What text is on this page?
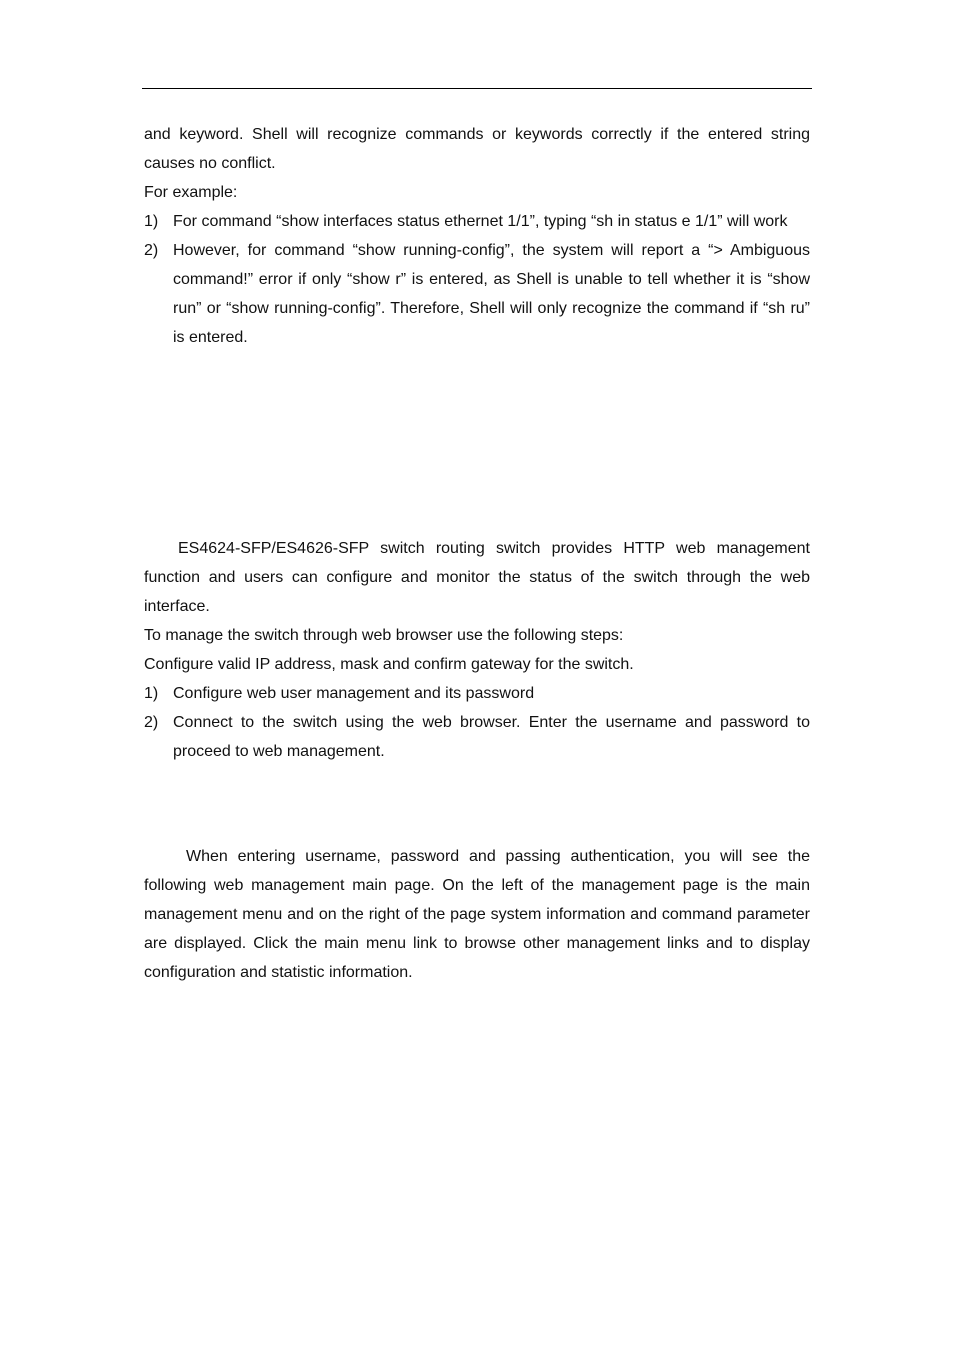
and keyword. Shell will recognize commands or keywords correctly if the entered string causes no conflict.

For example:

1) For command “show interfaces status ethernet 1/1”, typing “sh in status e 1/1” will work
2) However, for command “show running-config”, the system will report a “> Ambiguous command!” error if only “show r” is entered, as Shell is unable to tell whether it is “show run” or “show running-config”. Therefore, Shell will only recognize the command if “sh ru” is entered.

ES4624-SFP/ES4626-SFP switch routing switch provides HTTP web management function and users can configure and monitor the status of the switch through the web interface.

To manage the switch through web browser use the following steps:

Configure valid IP address, mask and confirm gateway for the switch.

1) Configure web user management and its password
2) Connect to the switch using the web browser. Enter the username and password to proceed to web management.

When entering username, password and passing authentication, you will see the following web management main page. On the left of the management page is the main management menu and on the right of the page system information and command parameter are displayed. Click the main menu link to browse other management links and to display configuration and statistic information.
